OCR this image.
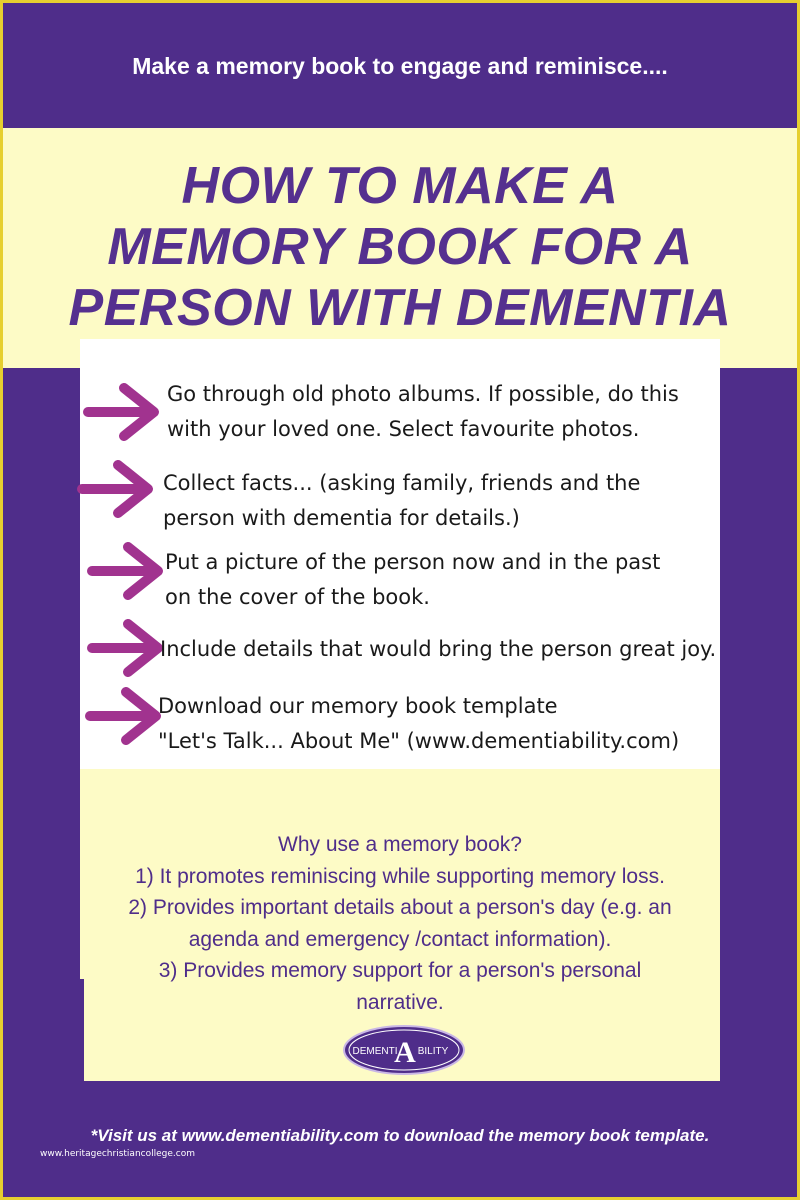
Make a memory book to engage and reminisce....
HOW TO MAKE A
MEMORY BOOK FOR A
PERSON WITH DEMENTIA
Go through old photo albums. If possible, do this
with your loved one. Select favourite photos.
Collect facts... (asking family, friends and the
person with dementia for details.)
Put a picture of the person now and in the past
on the cover of the book.
Include details that would bring the person great joy.
Download our memory book template
"Let's Talk... About Me" (www.dementiability.com)
Why use a memory book?
1) It promotes reminiscing while supporting memory loss.
2) Provides important details about a person's day (e.g. an
agenda and emergency /contact information).
3) Provides memory support for a person's personal
narrative.
DEMENTI
A BILITY
*Visit us at www.dementiability.com to download the memory book template.
www.heritagechristiancollege.com
